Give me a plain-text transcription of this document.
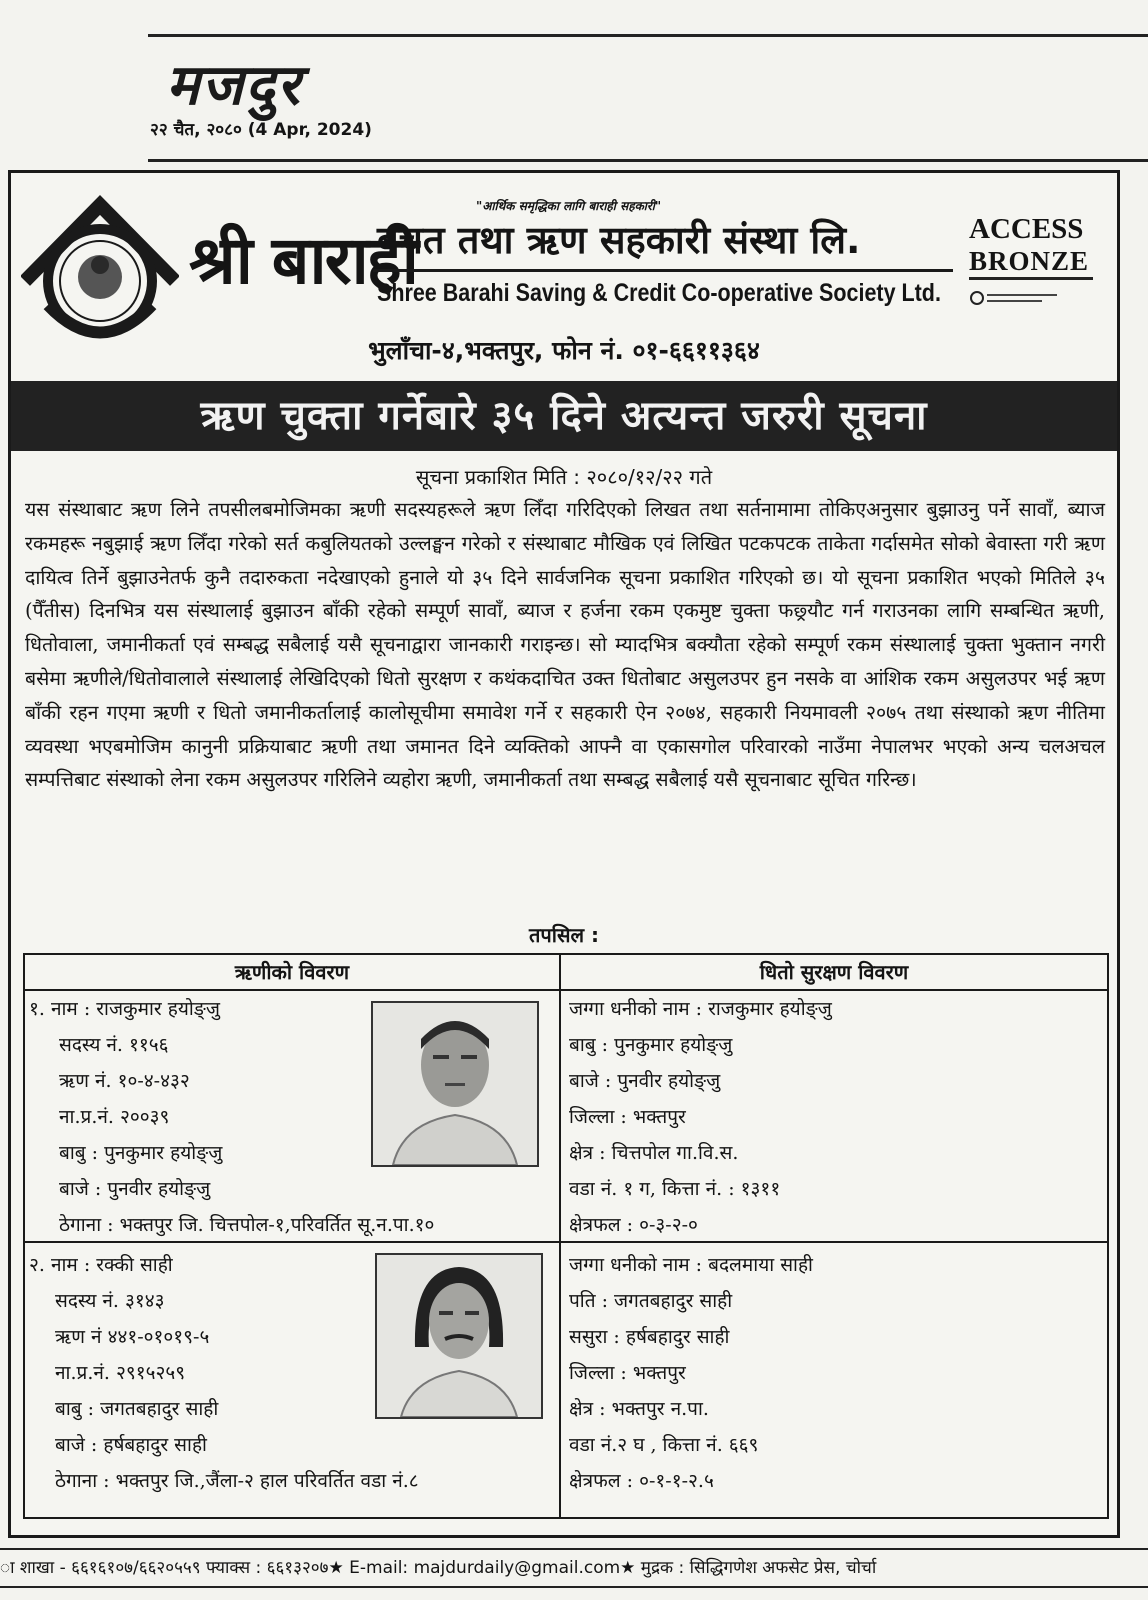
मजदुर
२२ चैत, २०८० (4 Apr, 2024)
"आर्थिक समृद्धिका लागि बाराही सहकारी"
श्री बाराही
बचत तथा ऋण सहकारी संस्था लि.
Shree Barahi Saving & Credit Co-operative Society Ltd.
ACCESS
BRONZE
भुलाँचा-४,भक्तपुर, फोन नं. ०१-६६११३६४
ऋण चुक्ता गर्नेबारे ३५ दिने अत्यन्त जरुरी सूचना
सूचना प्रकाशित मिति : २०८०/१२/२२ गते
यस संस्थाबाट ऋण लिने तपसीलबमोजिमका ऋणी सदस्यहरूले ऋण लिँदा गरिदिएको लिखत तथा सर्तनामामा तोकिएअनुसार बुझाउनु पर्ने सावाँ, ब्याज रकमहरू नबुझाई ऋण लिँदा गरेको सर्त कबुलियतको उल्लङ्घन गरेको र संस्थाबाट मौखिक एवं लिखित पटकपटक ताकेता गर्दासमेत सोको बेवास्ता गरी ऋण दायित्व तिर्ने बुझाउनेतर्फ कुनै तदारुकता नदेखाएको हुनाले यो ३५ दिने सार्वजनिक सूचना प्रकाशित गरिएको छ। यो सूचना प्रकाशित भएको मितिले ३५ (पैँतीस) दिनभित्र यस संस्थालाई बुझाउन बाँकी रहेको सम्पूर्ण सावाँ, ब्याज र हर्जना रकम एकमुष्ट चुक्ता फछ्र्यौट गर्न गराउनका लागि सम्बन्धित ऋणी, धितोवाला, जमानीकर्ता एवं सम्बद्ध सबैलाई यसै सूचनाद्वारा जानकारी गराइन्छ। सो म्यादभित्र बक्यौता रहेको सम्पूर्ण रकम संस्थालाई चुक्ता भुक्तान नगरी बसेमा ऋणीले/धितोवालाले संस्थालाई लेखिदिएको धितो सुरक्षण र कथंकदाचित उक्त धितोबाट असुलउपर हुन नसके वा आंशिक रकम असुलउपर भई ऋण बाँकी रहन गएमा ऋणी र धितो जमानीकर्तालाई कालोसूचीमा समावेश गर्ने र सहकारी ऐन २०७४, सहकारी नियमावली २०७५ तथा संस्थाको ऋण नीतिमा व्यवस्था भएबमोजिम कानुनी प्रक्रियाबाट ऋणी तथा जमानत दिने व्यक्तिको आफ्नै वा एकासगोल परिवारको नाउँमा नेपालभर भएको अन्य चलअचल सम्पत्तिबाट संस्थाको लेना रकम असुलउपर गरिलिने व्यहोरा ऋणी, जमानीकर्ता तथा सम्बद्ध सबैलाई यसै सूचनाबाट सूचित गरिन्छ।
तपसिल :
ऋणीको विवरण	धितो सुरक्षण विवरण
१. नाम : राजकुमार हयोङ्जु
सदस्य नं. ११५६
ऋण नं. १०-४-४३२
ना.प्र.नं. २००३९
बाबु : पुनकुमार हयोङ्जु
बाजे : पुनवीर हयोङ्जु
ठेगाना : भक्तपुर जि. चित्तपोल-१,परिवर्तित सू.न.पा.१०
जग्गा धनीको नाम : राजकुमार हयोङ्जु
बाबु : पुनकुमार हयोङ्जु
बाजे : पुनवीर हयोङ्जु
जिल्ला : भक्तपुर
क्षेत्र : चित्तपोल गा.वि.स.
वडा नं. १ ग, कित्ता नं. : १३११
क्षेत्रफल : ०-३-२-०
२. नाम : रक्की साही
सदस्य नं. ३१४३
ऋण नं ४४१-०१०१९-५
ना.प्र.नं. २९१५२५९
बाबु : जगतबहादुर साही
बाजे : हर्षबहादुर साही
ठेगाना : भक्तपुर जि.,जैंला-२ हाल परिवर्तित वडा नं.८
जग्गा धनीको नाम : बदलमाया साही
पति : जगतबहादुर साही
ससुरा : हर्षबहादुर साही
जिल्ला : भक्तपुर
क्षेत्र : भक्तपुर न.पा.
वडा नं.२ घ , कित्ता नं. ६६९
क्षेत्रफल : ०-१-१-२.५
ा शाखा - ६६१६१०७/६६२०५५९ फ्याक्स : ६६१३२०७★ E-mail: majdurdaily@gmail.com★ मुद्रक : सिद्धिगणेश अफसेट प्रेस, चोर्चा
